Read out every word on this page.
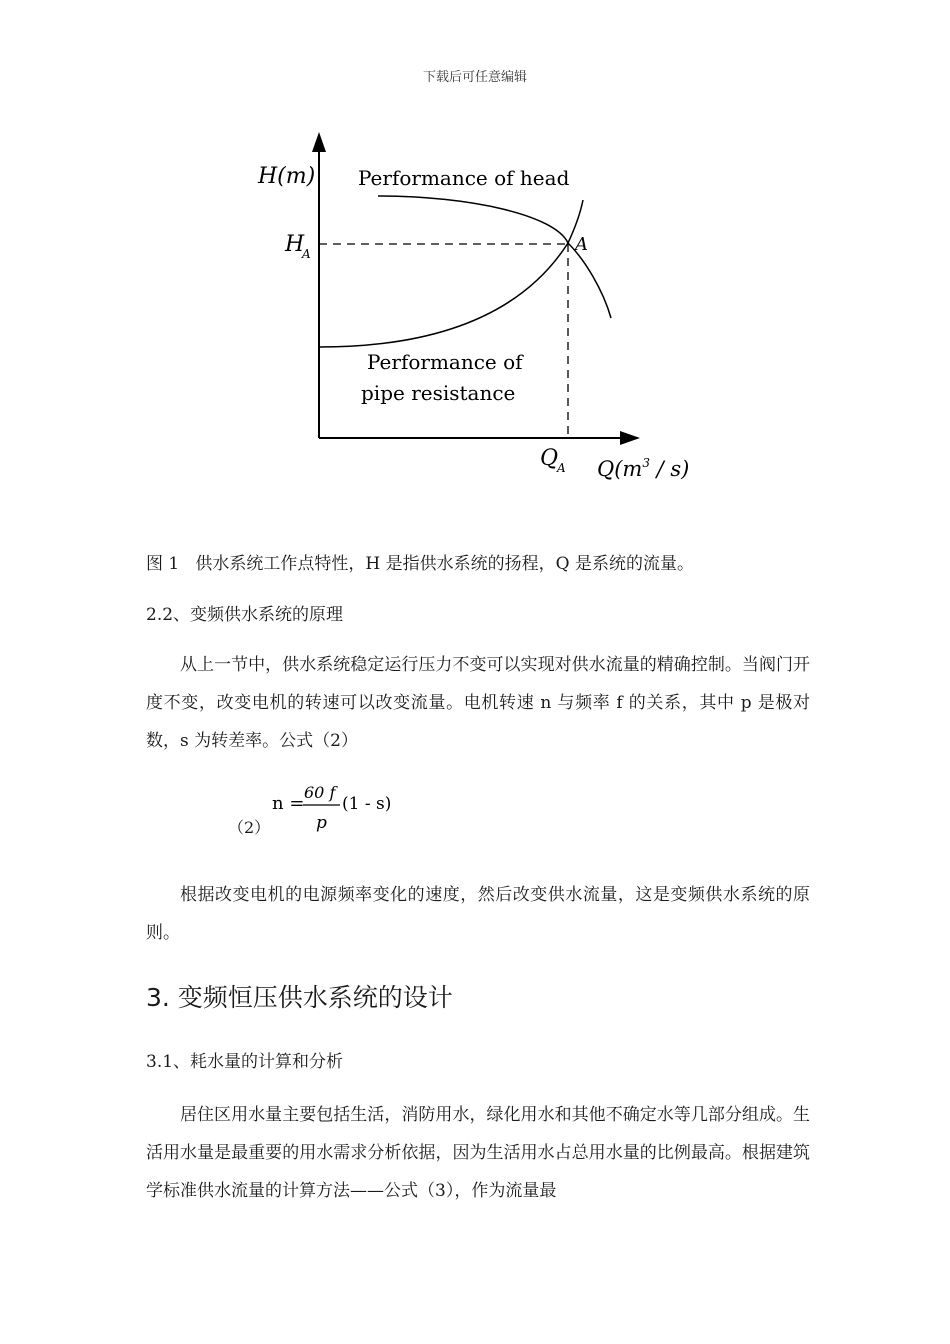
下载后可任意编辑
H(m)
H
A	A
Performance of head
Performance of
pipe resistance
Q
A $Q(m^3 / s)$
图 1   供水系统工作点特性，H 是指供水系统的扬程，Q 是系统的流量。
2.2、变频供水系统的原理
从上一节中，供水系统稳定运行压力不变可以实现对供水流量的精确控制。当阀门开度不变，改变电机的转速可以改变流量。电机转速 n 与频率 f 的关系，其中 p 是极对数，s 为转差率。公式（2）
（2）
n =
60 f
p
(1 - s)
根据改变电机的电源频率变化的速度，然后改变供水流量，这是变频供水系统的原则。
3. 变频恒压供水系统的设计
3.1、耗水量的计算和分析
居住区用水量主要包括生活，消防用水，绿化用水和其他不确定水等几部分组成。生活用水量是最重要的用水需求分析依据，因为生活用水占总用水量的比例最高。根据建筑学标准供水流量的计算方法——公式（3），作为流量最
